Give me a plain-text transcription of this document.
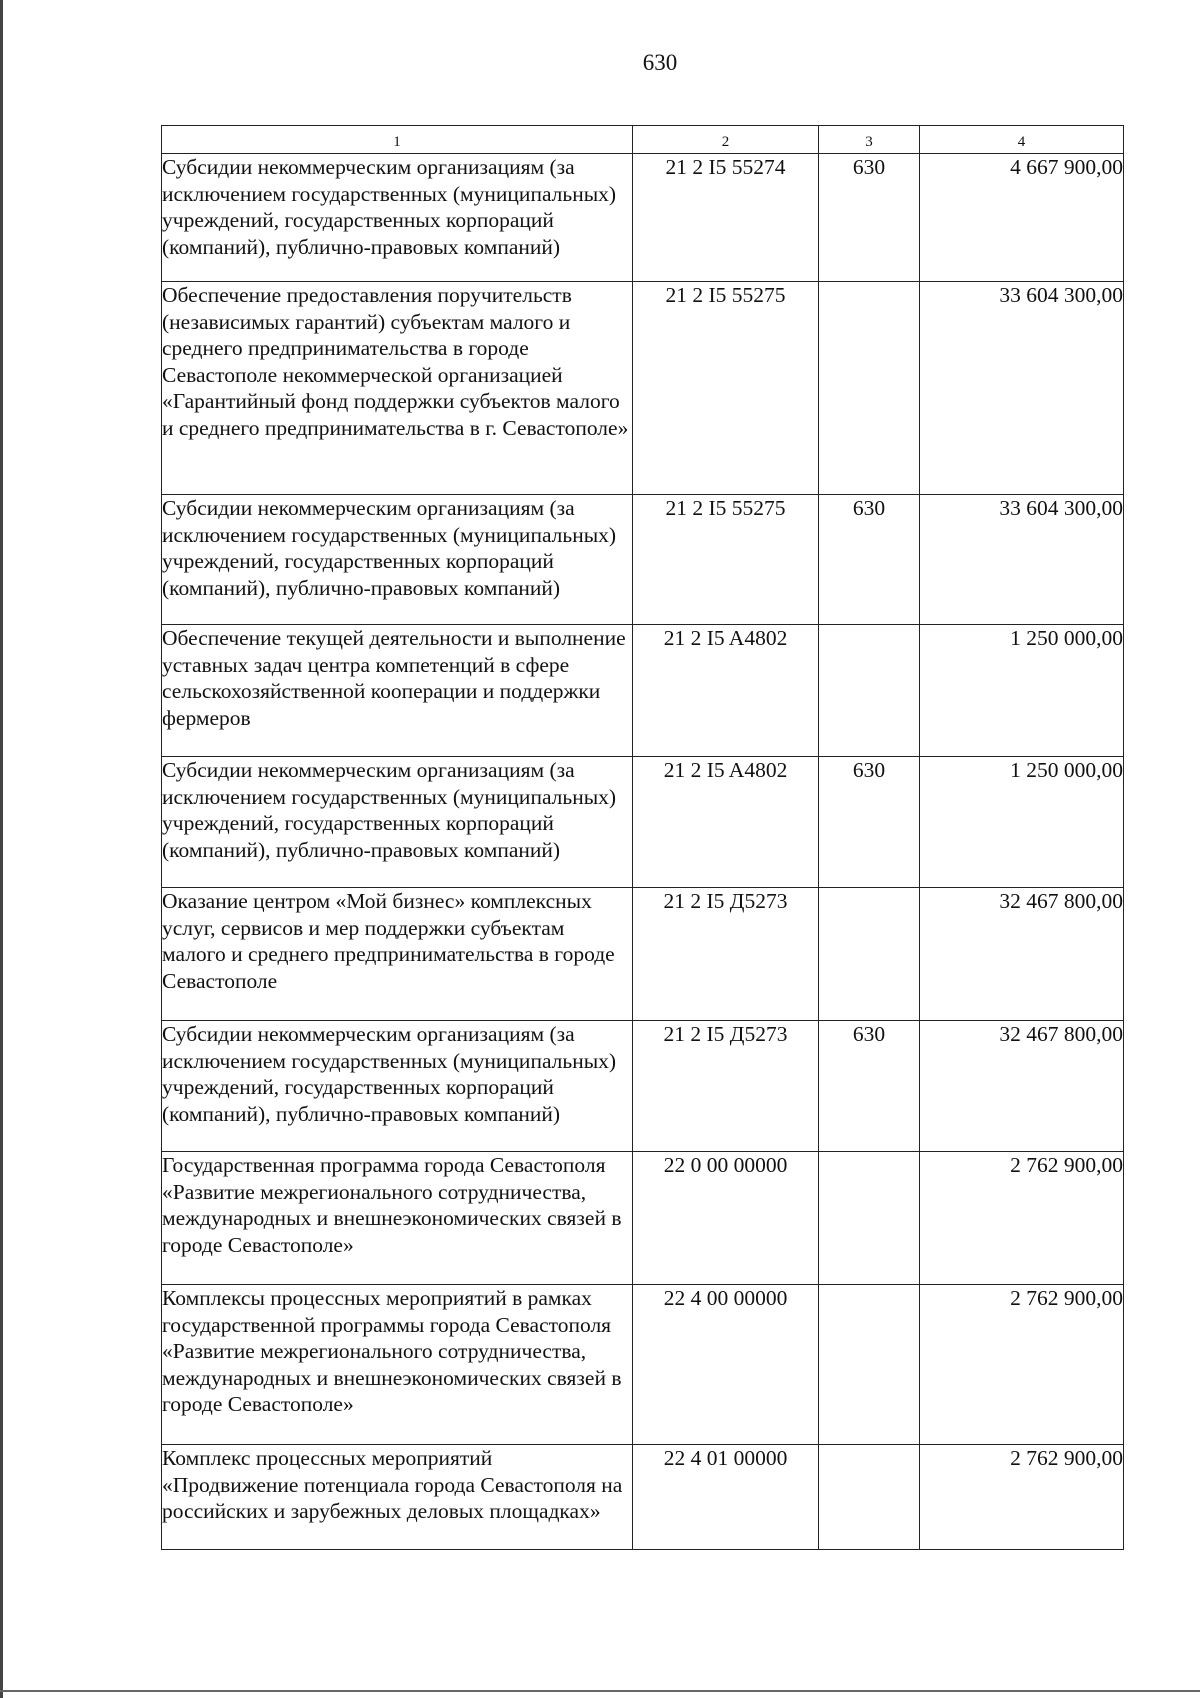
630
1	2	3	4
Субсидии некоммерческим организациям (за исключением государственных (муниципальных) учреждений, государственных корпораций (компаний), публично-правовых компаний)	21 2 I5 55274	630	4 667 900,00
Обеспечение предоставления поручительств (независимых гарантий) субъектам малого и среднего предпринимательства в городе Севастополе некоммерческой организацией «Гарантийный фонд поддержки субъектов малого и среднего предпринимательства в г. Севастополе»	21 2 I5 55275		33 604 300,00
Субсидии некоммерческим организациям (за исключением государственных (муниципальных) учреждений, государственных корпораций (компаний), публично-правовых компаний)	21 2 I5 55275	630	33 604 300,00
Обеспечение текущей деятельности и выполнение уставных задач центра компетенций в сфере сельскохозяйственной кооперации и поддержки фермеров	21 2 I5 A4802		1 250 000,00
Субсидии некоммерческим организациям (за исключением государственных (муниципальных) учреждений, государственных корпораций (компаний), публично-правовых компаний)	21 2 I5 A4802	630	1 250 000,00
Оказание центром «Мой бизнес» комплексных услуг, сервисов и мер поддержки субъектам малого и среднего предпринимательства в городе Севастополе	21 2 I5 Д5273		32 467 800,00
Субсидии некоммерческим организациям (за исключением государственных (муниципальных) учреждений, государственных корпораций (компаний), публично-правовых компаний)	21 2 I5 Д5273	630	32 467 800,00
Государственная программа города Севастополя «Развитие межрегионального сотрудничества, международных и внешнеэкономических связей в городе Севастополе»	22 0 00 00000		2 762 900,00
Комплексы процессных мероприятий в рамках государственной программы города Севастополя «Развитие межрегионального сотрудничества, международных и внешнеэкономических связей в городе Севастополе»	22 4 00 00000		2 762 900,00
Комплекс процессных мероприятий «Продвижение потенциала города Севастополя на российских и зарубежных деловых площадках»	22 4 01 00000		2 762 900,00
